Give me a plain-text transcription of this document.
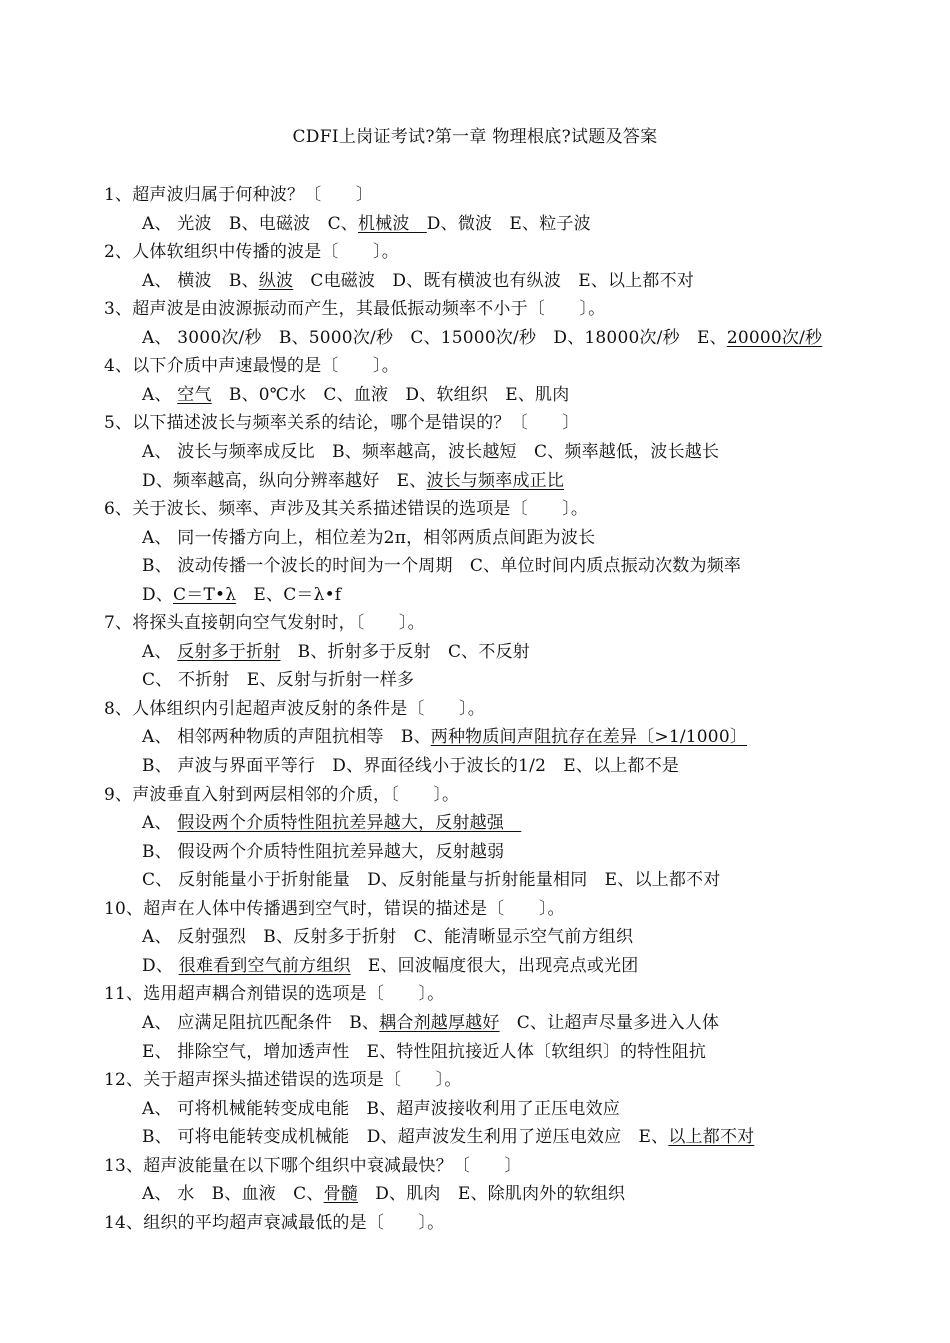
CDFI上岗证考试?第一章 物理根底?试题及答案
1、超声波归属于何种波？〔　　〕
A、 光波　B、电磁波　C、机械波　D、微波　E、粒子波
2、人体软组织中传播的波是〔　　〕。
A、 横波　B、纵波　C电磁波　D、既有横波也有纵波　E、以上都不对
3、超声波是由波源振动而产生，其最低振动频率不小于〔　　〕。
A、 3000次/秒　B、5000次/秒　C、15000次/秒　D、18000次/秒　E、20000次/秒
4、以下介质中声速最慢的是〔　　〕。
A、 空气　B、0℃水　C、血液　D、软组织　E、肌肉
5、以下描述波长与频率关系的结论，哪个是错误的？〔　　〕
A、 波长与频率成反比　B、频率越高，波长越短　C、频率越低，波长越长
D、频率越高，纵向分辨率越好　E、波长与频率成正比
6、关于波长、频率、声涉及其关系描述错误的选项是〔　　〕。
A、 同一传播方向上，相位差为2π，相邻两质点间距为波长
B、 波动传播一个波长的时间为一个周期　C、单位时间内质点振动次数为频率
D、C＝T•λ　E、C＝λ•f
7、将探头直接朝向空气发射时，〔　　〕。
A、 反射多于折射　B、折射多于反射　C、不反射
C、 不折射　E、反射与折射一样多
8、人体组织内引起超声波反射的条件是〔　　〕。
A、 相邻两种物质的声阻抗相等　B、两种物质间声阻抗存在差异〔>1/1000〕
B、 声波与界面平等行　D、界面径线小于波长的1/2　E、以上都不是
9、声波垂直入射到两层相邻的介质，〔　　〕。
A、 假设两个介质特性阻抗差异越大，反射越强　
B、 假设两个介质特性阻抗差异越大，反射越弱
C、 反射能量小于折射能量　D、反射能量与折射能量相同　E、以上都不对
10、超声在人体中传播遇到空气时，错误的描述是〔　　〕。
A、 反射强烈　B、反射多于折射　C、能清晰显示空气前方组织
D、 很难看到空气前方组织　E、回波幅度很大，出现亮点或光团
11、选用超声耦合剂错误的选项是〔　　〕。
A、 应满足阻抗匹配条件　B、耦合剂越厚越好　C、让超声尽量多进入人体
E、 排除空气，增加透声性　E、特性阻抗接近人体〔软组织〕的特性阻抗
12、关于超声探头描述错误的选项是〔　　〕。
A、 可将机械能转变成电能　B、超声波接收利用了正压电效应
B、 可将电能转变成机械能　D、超声波发生利用了逆压电效应　E、以上都不对
13、超声波能量在以下哪个组织中衰减最快？〔　　〕
A、 水　B、血液　C、骨髓　D、肌肉　E、除肌肉外的软组织
14、组织的平均超声衰减最低的是〔　　〕。
